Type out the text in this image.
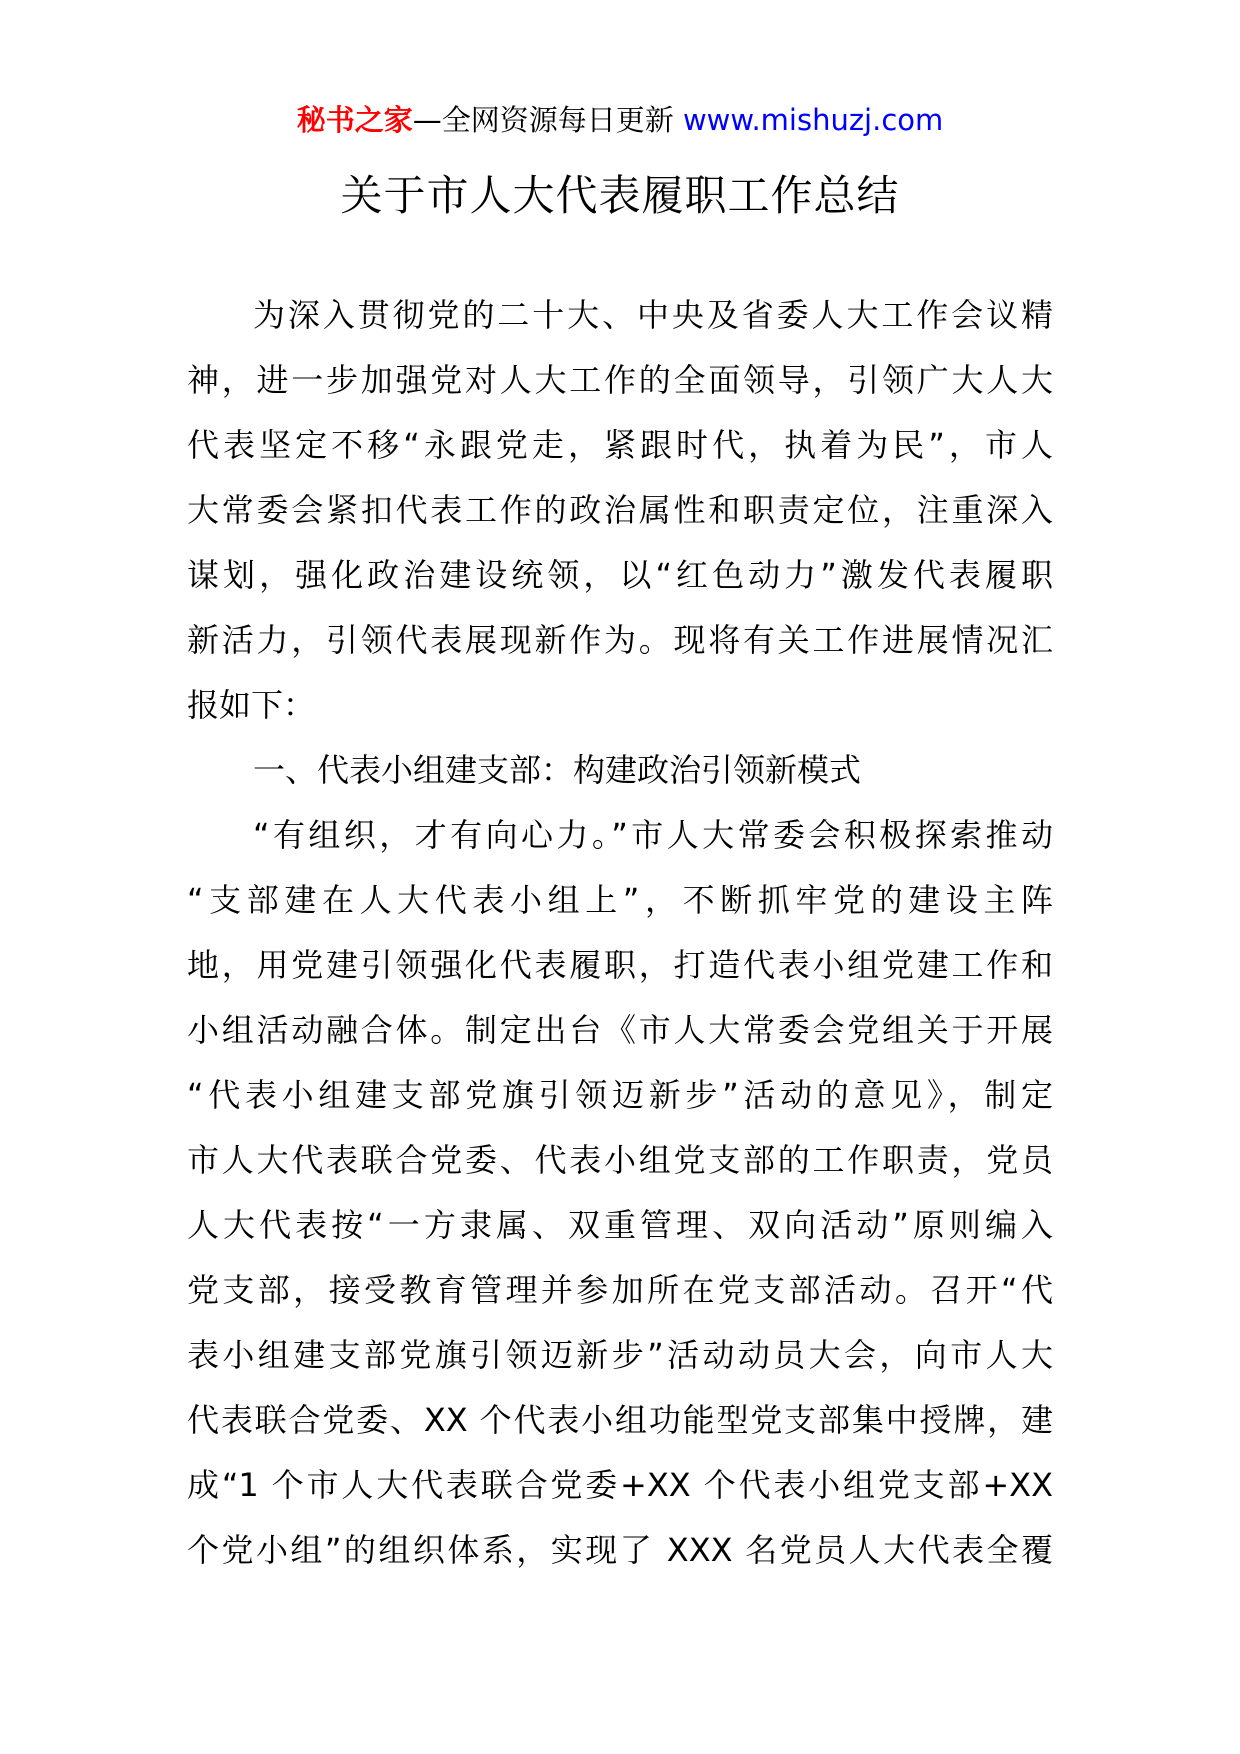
秘书之家—全网资源每日更新 www.mishuzj.com
关于市人大代表履职工作总结
为深入贯彻党的二十大、中央及省委人大工作会议精
神，进一步加强党对人大工作的全面领导，引领广大人大
代表坚定不移“永跟党走，紧跟时代，执着为民”，市人
大常委会紧扣代表工作的政治属性和职责定位，注重深入
谋划，强化政治建设统领，以“红色动力”激发代表履职
新活力，引领代表展现新作为。现将有关工作进展情况汇
报如下：
一、代表小组建支部：构建政治引领新模式
“有组织，才有向心力。”市人大常委会积极探索推动
“支部建在人大代表小组上”，不断抓牢党的建设主阵
地，用党建引领强化代表履职，打造代表小组党建工作和
小组活动融合体。制定出台《市人大常委会党组关于开展
“代表小组建支部党旗引领迈新步”活动的意见》，制定
市人大代表联合党委、代表小组党支部的工作职责，党员
人大代表按“一方隶属、双重管理、双向活动”原则编入
党支部，接受教育管理并参加所在党支部活动。召开“代
表小组建支部党旗引领迈新步”活动动员大会，向市人大
代表联合党委、XX 个代表小组功能型党支部集中授牌，建
成“1 个市人大代表联合党委+XX 个代表小组党支部+XX
个党小组”的组织体系，实现了 XXX 名党员人大代表全覆
